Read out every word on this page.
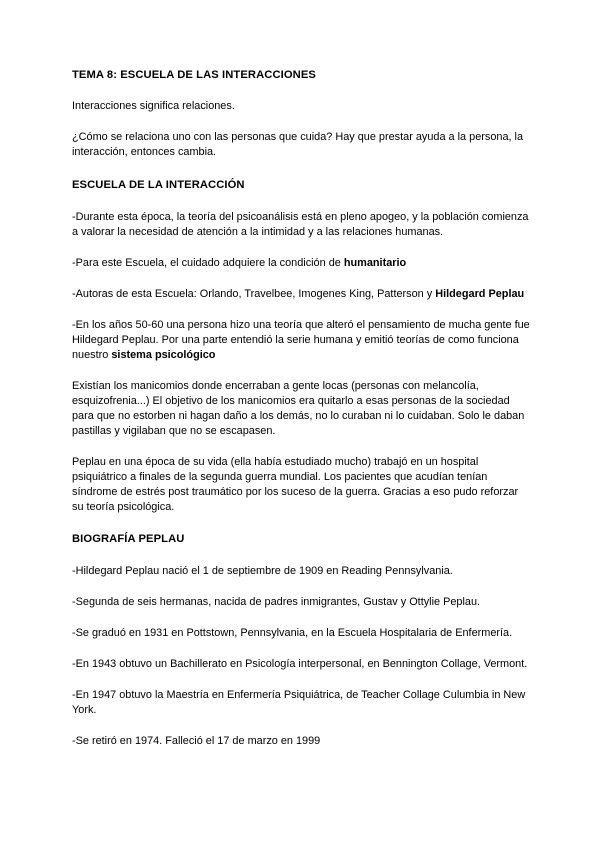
TEMA 8: ESCUELA DE LAS INTERACCIONES

Interacciones significa relaciones.

¿Cómo se relaciona uno con las personas que cuida? Hay que prestar ayuda a la persona, la interacción, entonces cambia.

ESCUELA DE LA INTERACCIÓN

-Durante esta época, la teoría del psicoanálisis está en pleno apogeo, y la población comienza a valorar la necesidad de atención a la intimidad y a las relaciones humanas.

-Para este Escuela, el cuidado adquiere la condición de humanitario

-Autoras de esta Escuela: Orlando, Travelbee, Imogenes King, Patterson y Hildegard Peplau

-En los años 50-60 una persona hizo una teoría que alteró el pensamiento de mucha gente fue Hildegard Peplau. Por una parte entendió la serie humana y emitió teorías de como funciona nuestro sistema psicológico

Existían los manicomios donde encerraban a gente locas (personas con melancolía, esquizofrenia...) El objetivo de los manicomios era quitarlo a esas personas de la sociedad para que no estorben ni hagan daño a los demás, no lo curaban ni lo cuidaban. Solo le daban pastillas y vigilaban que no se escapasen.

Peplau en una época de su vida (ella había estudiado mucho) trabajó en un hospital psiquiátrico a finales de la segunda guerra mundial. Los pacientes que acudían tenían síndrome de estrés post traumático por los suceso de la guerra. Gracias a eso pudo reforzar su teoría psicológica.

BIOGRAFÍA PEPLAU

-Hildegard Peplau nació el 1 de septiembre de 1909 en Reading Pennsylvania.

-Segunda de seis hermanas, nacida de padres inmigrantes, Gustav y Ottylie Peplau.

-Se graduó en 1931 en Pottstown, Pennsylvania, en la Escuela Hospitalaria de Enfermería.

-En 1943 obtuvo un Bachillerato en Psicología interpersonal, en Bennington Collage, Vermont.

-En 1947 obtuvo la Maestría en Enfermería Psiquiátrica, de Teacher Collage Culumbia in New York.

-Se retiró en 1974. Falleció el 17 de marzo en 1999
